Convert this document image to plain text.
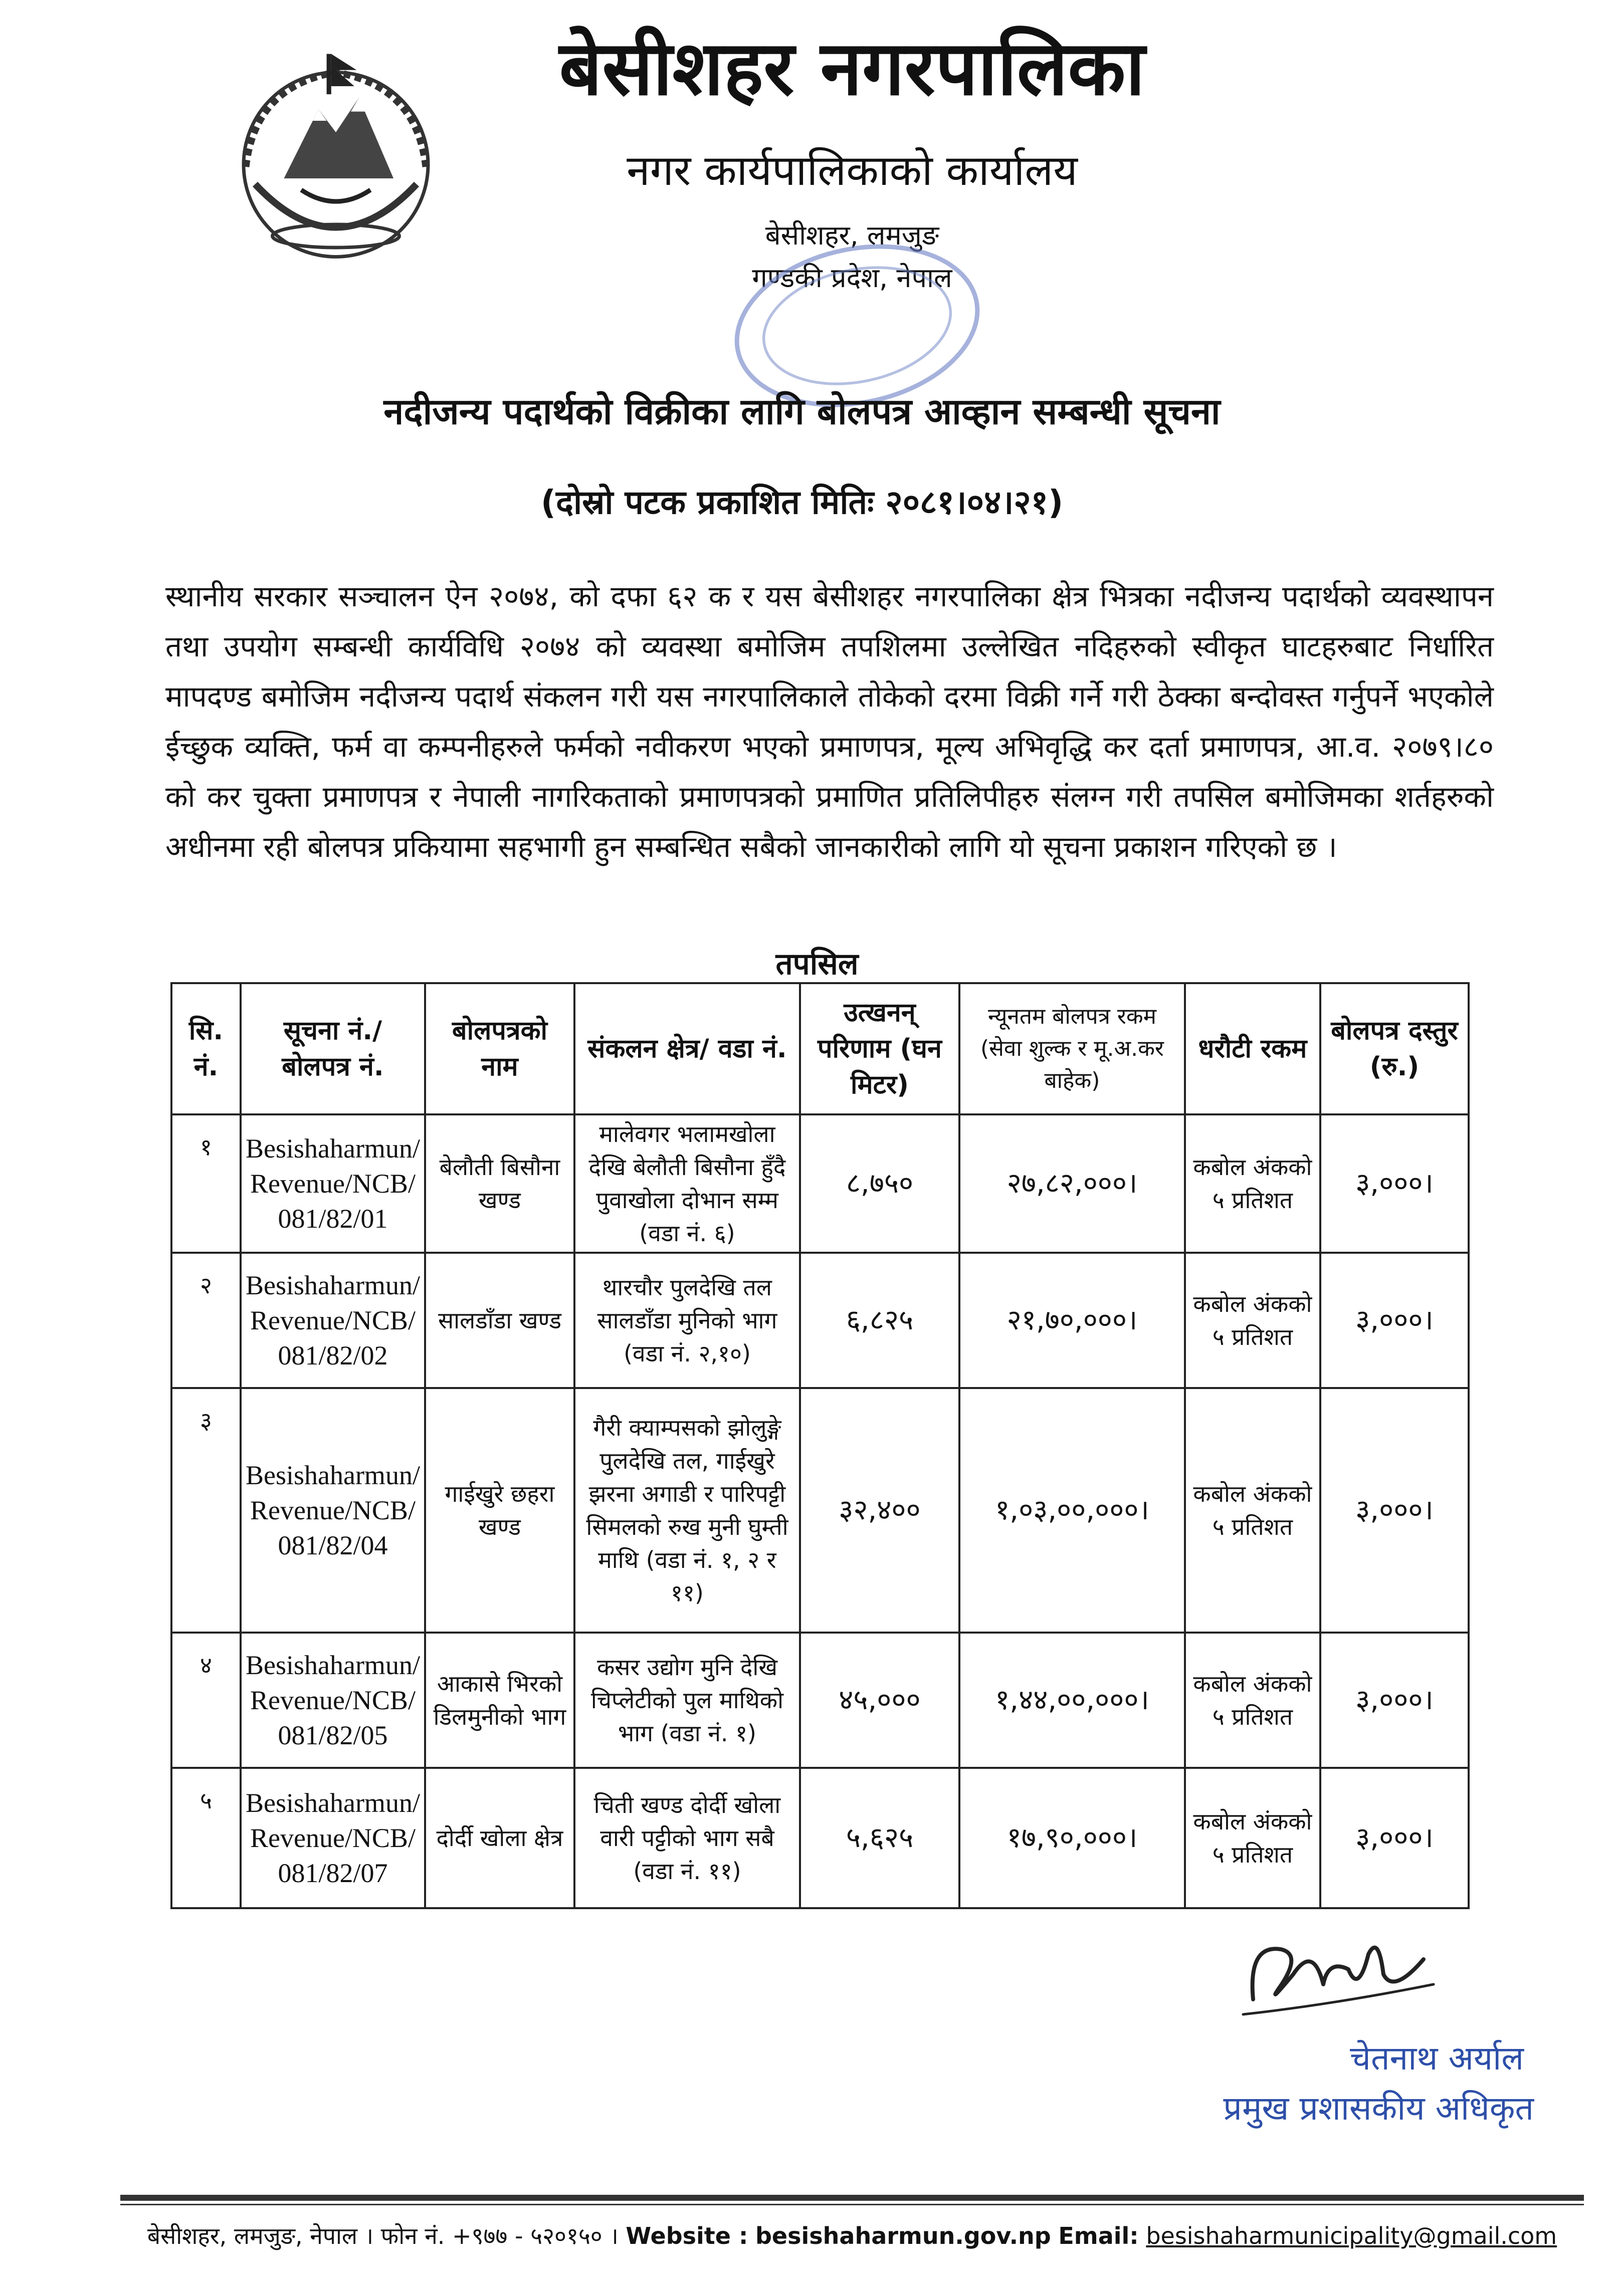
बेसीशहर नगरपालिका
नगर कार्यपालिकाको कार्यालय
बेसीशहर, लमजुङ
गण्डकी प्रदेश, नेपाल
नदीजन्य पदार्थको विक्रीका लागि बोलपत्र आव्हान सम्बन्धी सूचना
(दोस्रो पटक प्रकाशित मितिः २०८१।०४।२१)
स्थानीय सरकार सञ्चालन ऐन २०७४, को दफा ६२ क र यस बेसीशहर नगरपालिका क्षेत्र भित्रका नदीजन्य पदार्थको व्यवस्थापन तथा उपयोग सम्बन्धी कार्यविधि २०७४ को व्यवस्था बमोजिम तपशिलमा उल्लेखित नदिहरुको स्वीकृत घाटहरुबाट निर्धारित मापदण्ड बमोजिम नदीजन्य पदार्थ संकलन गरी यस नगरपालिकाले तोकेको दरमा विक्री गर्ने गरी ठेक्का बन्दोवस्त गर्नुपर्ने भएकोले ईच्छुक व्यक्ति, फर्म वा कम्पनीहरुले फर्मको नवीकरण भएको प्रमाणपत्र, मूल्य अभिवृद्धि कर दर्ता प्रमाणपत्र, आ.व. २०७९।८० को कर चुक्ता प्रमाणपत्र र नेपाली नागरिकताको प्रमाणपत्रको प्रमाणित प्रतिलिपीहरु संलग्न गरी तपसिल बमोजिमका शर्तहरुको अधीनमा रही बोलपत्र प्रकियामा सहभागी हुन सम्बन्धित सबैको जानकारीको लागि यो सूचना प्रकाशन गरिएको छ ।
तपसिल
सि. नं.	सूचना नं./ बोलपत्र नं.	बोलपत्रको नाम	संकलन क्षेत्र/ वडा नं.	उत्खनन् परिणाम (घन मिटर)	न्यूनतम बोलपत्र रकम (सेवा शुल्क र मू.अ.कर बाहेक)	धरौटी रकम	बोलपत्र दस्तुर (रु.)
१	Besishaharmun/ Revenue/NCB/ 081/82/01	बेलौती बिसौना खण्ड	मालेवगर भलामखोला देखि बेलौती बिसौना हुँदै पुवाखोला दोभान सम्म (वडा नं. ६)	८,७५०	२७,८२,०००।	कबोल अंकको ५ प्रतिशत	३,०००।
२	Besishaharmun/ Revenue/NCB/ 081/82/02	सालडाँडा खण्ड	थारचौर पुलदेखि तल सालडाँडा मुनिको भाग (वडा नं. २,१०)	६,८२५	२१,७०,०००।	कबोल अंकको ५ प्रतिशत	३,०००।
३	Besishaharmun/ Revenue/NCB/ 081/82/04	गाईखुरे छहरा खण्ड	गैरी क्याम्पसको झोलुङ्गे पुलदेखि तल, गाईखुरे झरना अगाडी र पारिपट्टी सिमलको रुख मुनी घुम्ती माथि (वडा नं. १, २ र ११)	३२,४००	१,०३,००,०००।	कबोल अंकको ५ प्रतिशत	३,०००।
४	Besishaharmun/ Revenue/NCB/ 081/82/05	आकासे भिरको डिलमुनीको भाग	कसर उद्योग मुनि देखि चिप्लेटीको पुल माथिको भाग (वडा नं. १)	४५,०००	१,४४,००,०००।	कबोल अंकको ५ प्रतिशत	३,०००।
५	Besishaharmun/ Revenue/NCB/ 081/82/07	दोर्दी खोला क्षेत्र	चिती खण्ड दोर्दी खोला वारी पट्टीको भाग सबै (वडा नं. ११)	५,६२५	१७,९०,०००।	कबोल अंकको ५ प्रतिशत	३,०००।
चेतनाथ अर्याल
प्रमुख प्रशासकीय अधिकृत
बेसीशहर, लमजुङ, नेपाल । फोन नं. +९७७ - ५२०१५० । Website : besishaharmun.gov.np Email: besishaharmunicipality@gmail.com
